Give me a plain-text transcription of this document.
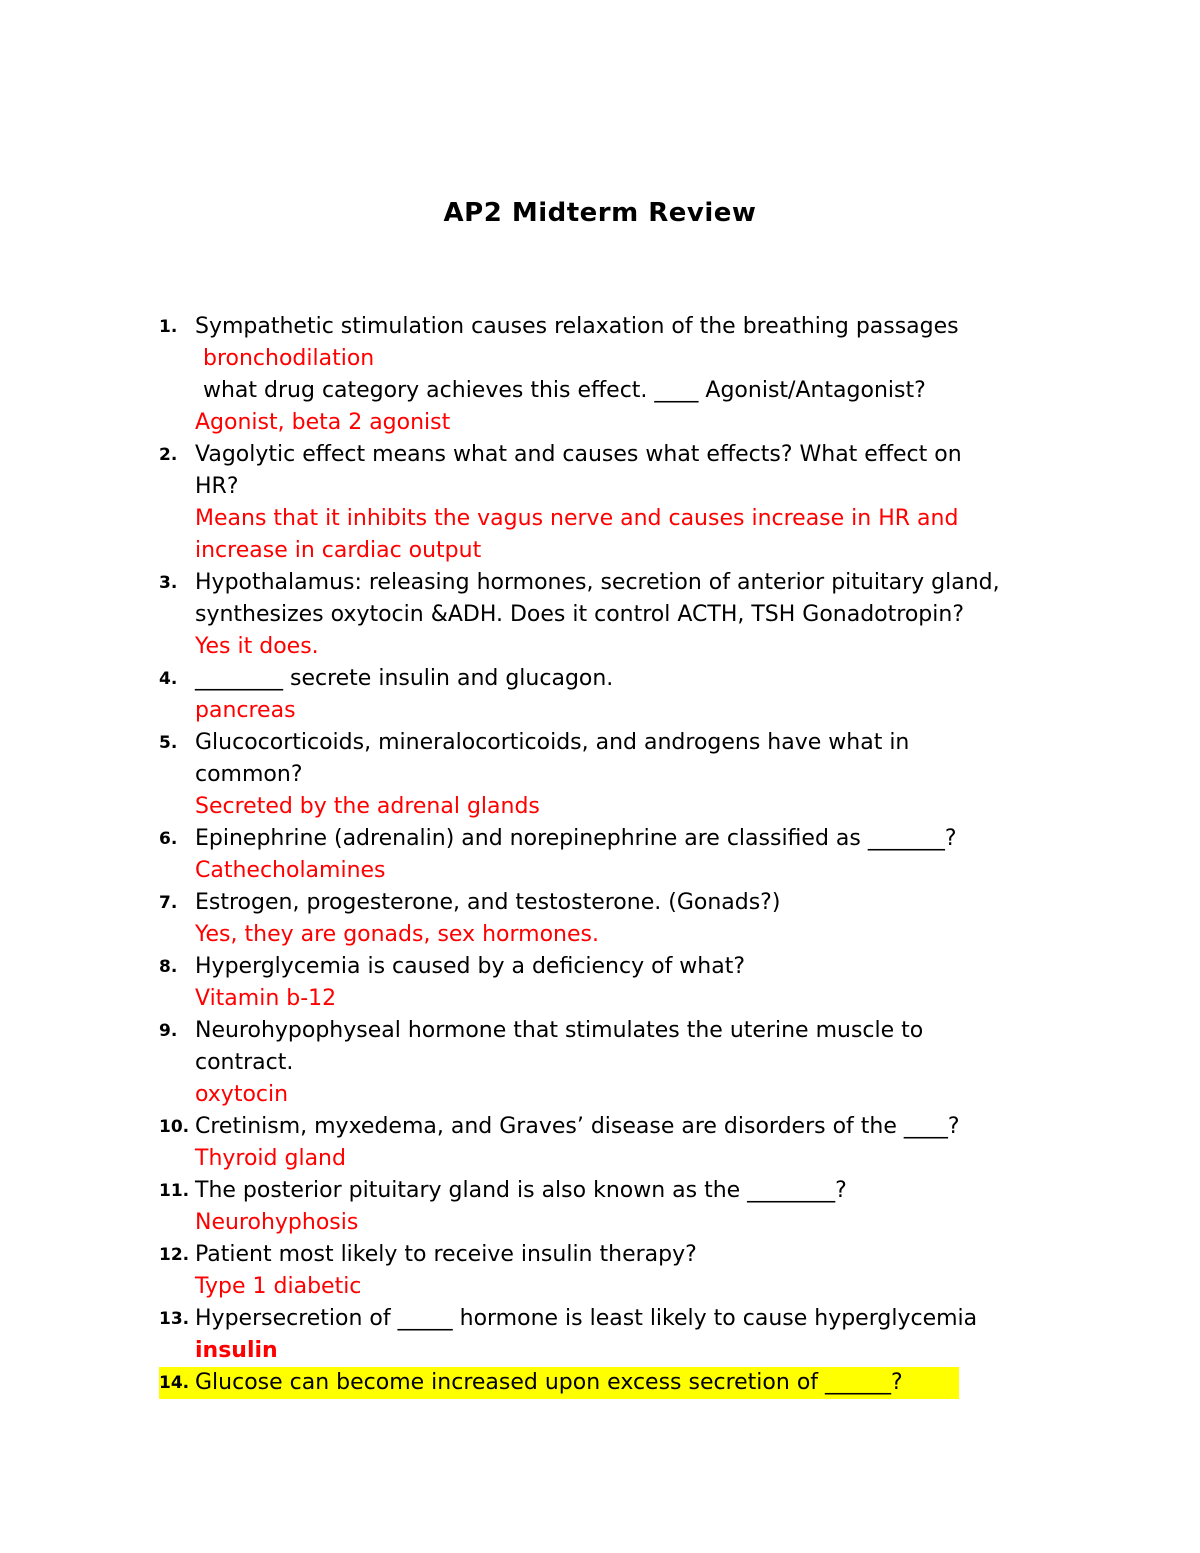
AP2 Midterm Review
1. Sympathetic stimulation causes relaxation of the breathing passages
bronchodilation
what drug category achieves this effect. ____ Agonist/Antagonist?
Agonist, beta 2 agonist
2. Vagolytic effect means what and causes what effects? What effect on
HR?
Means that it inhibits the vagus nerve and causes increase in HR and
increase in cardiac output
3. Hypothalamus: releasing hormones, secretion of anterior pituitary gland,
synthesizes oxytocin &ADH. Does it control ACTH, TSH Gonadotropin?
Yes it does.
4. ________ secrete insulin and glucagon.
pancreas
5. Glucocorticoids, mineralocorticoids, and androgens have what in
common?
Secreted by the adrenal glands
6. Epinephrine (adrenalin) and norepinephrine are classified as _______?
Cathecholamines
7. Estrogen, progesterone, and testosterone. (Gonads?)
Yes, they are gonads, sex hormones.
8. Hyperglycemia is caused by a deficiency of what?
Vitamin b-12
9. Neurohypophyseal hormone that stimulates the uterine muscle to
contract.
oxytocin
10. Cretinism, myxedema, and Graves’ disease are disorders of the ____?
Thyroid gland
11. The posterior pituitary gland is also known as the ________?
Neurohyphosis
12. Patient most likely to receive insulin therapy?
Type 1 diabetic
13. Hypersecretion of _____ hormone is least likely to cause hyperglycemia
insulin
14. Glucose can become increased upon excess secretion of ______?
